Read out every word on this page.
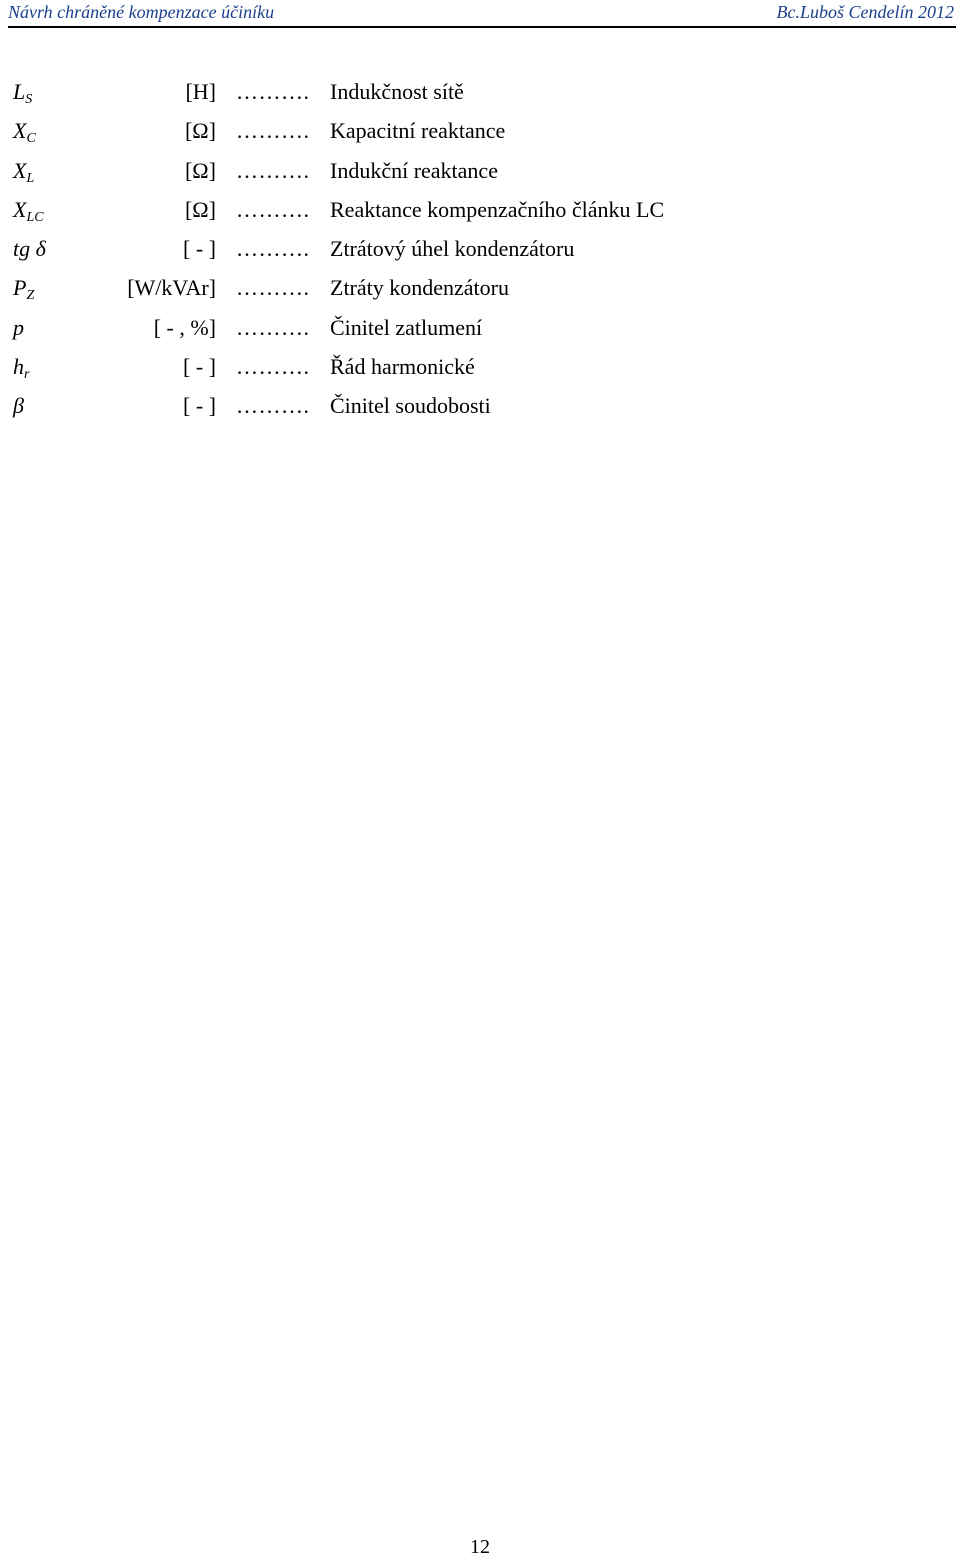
Návrh chráněné kompenzace účiníku	Bc.Luboš Cendelín 2012
$L_S$	[H] ………. Indukčnost sítě
$X_C$	[Ω] ………. Kapacitní reaktance
$X_L$	[Ω] ………. Indukční reaktance
$X_{LC}$	[Ω] ………. Reaktance kompenzačního článku LC
tg δ	[ - ] ………. Ztrátový úhel kondenzátoru
$P_Z$	[W/kVAr] ………. Ztráty kondenzátoru
p	[ - , %] ………. Činitel zatlumení
$h_r$	[ - ] ………. Řád harmonické
β	[ - ] ………. Činitel soudobosti
12
